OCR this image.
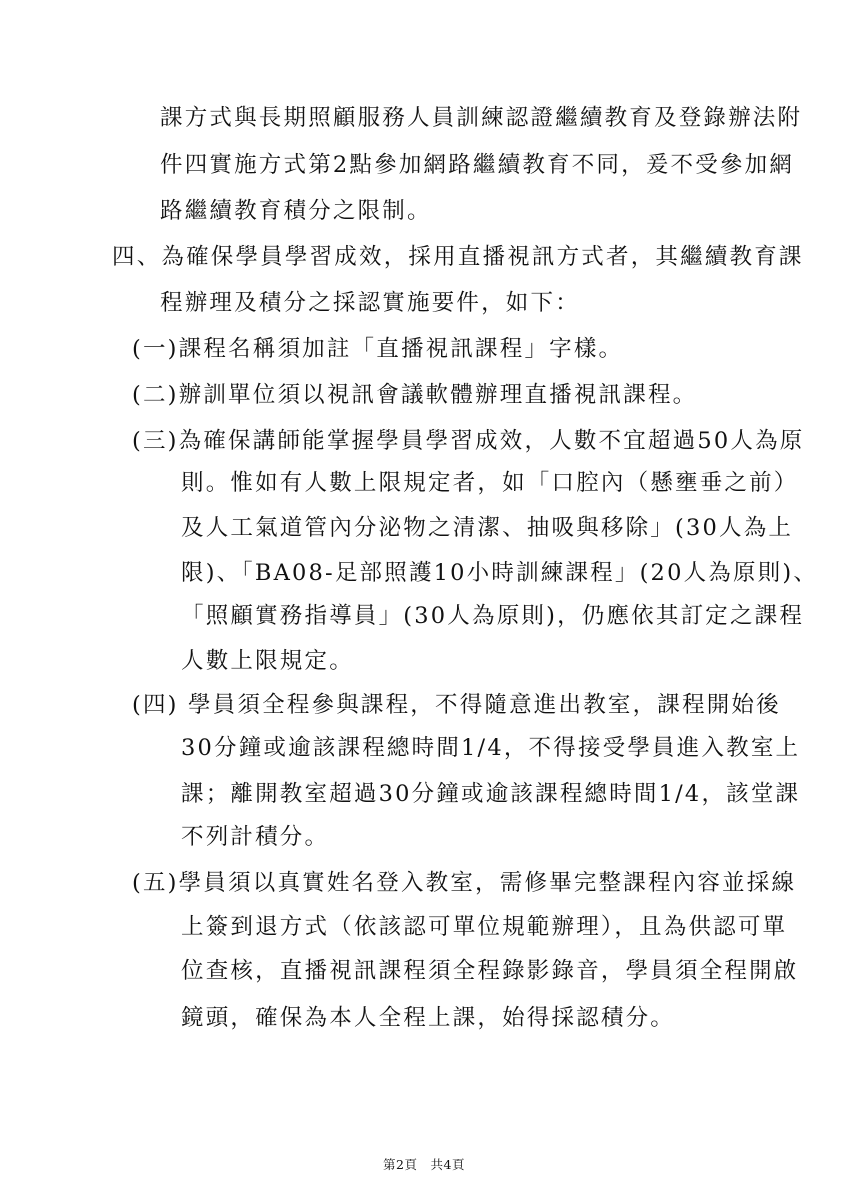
課方式與長期照顧服務人員訓練認證繼續教育及登錄辦法附
件四實施方式第2點參加網路繼續教育不同，爰不受參加網
路繼續教育積分之限制。
四、為確保學員學習成效，採用直播視訊方式者，其繼續教育課
程辦理及積分之採認實施要件，如下：
(一)課程名稱須加註「直播視訊課程」字樣。
(二)辦訓單位須以視訊會議軟體辦理直播視訊課程。
(三)為確保講師能掌握學員學習成效，人數不宜超過50人為原
則。惟如有人數上限規定者，如「口腔內（懸壅垂之前）
及人工氣道管內分泌物之清潔、抽吸與移除」(30人為上
限)、「BA08-足部照護10小時訓練課程」(20人為原則)、
「照顧實務指導員」(30人為原則)，仍應依其訂定之課程
人數上限規定。
(四) 學員須全程參與課程，不得隨意進出教室，課程開始後
30分鐘或逾該課程總時間1/4，不得接受學員進入教室上
課；離開教室超過30分鐘或逾該課程總時間1/4，該堂課
不列計積分。
(五)學員須以真實姓名登入教室，需修畢完整課程內容並採線
上簽到退方式（依該認可單位規範辦理），且為供認可單
位查核，直播視訊課程須全程錄影錄音，學員須全程開啟
鏡頭，確保為本人全程上課，始得採認積分。
第2頁　共4頁
